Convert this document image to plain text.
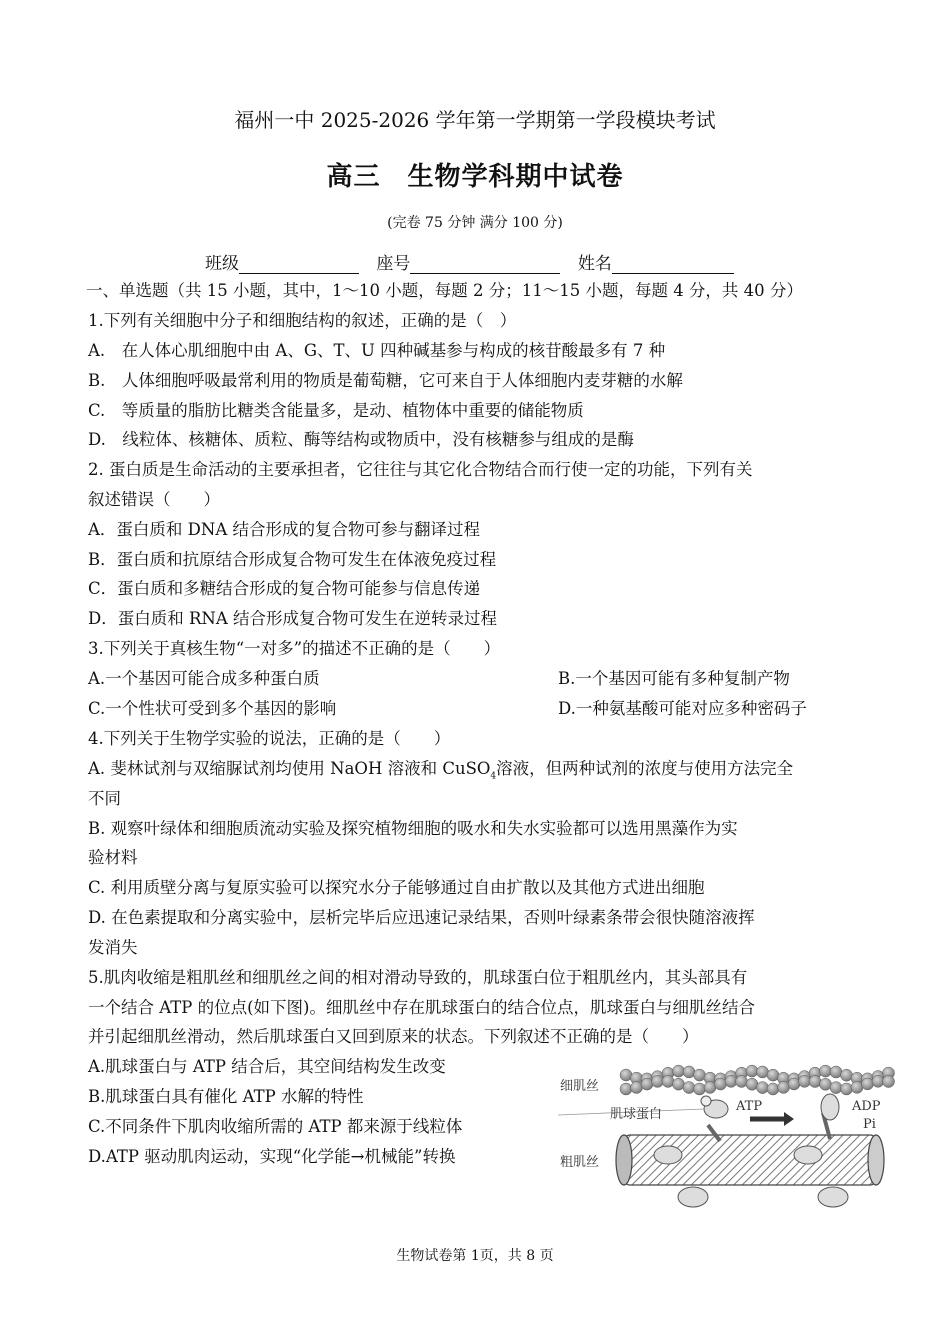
福州一中 2025-2026 学年第一学期第一学段模块考试
高三　生物学科期中试卷
(完卷 75 分钟 满分 100 分)
班级	座号	姓名
一、单选题（共 15 小题，其中，1～10 小题，每题 2 分；11～15 小题，每题 4 分，共 40 分）
1.下列有关细胞中分子和细胞结构的叙述，正确的是（　）
A.　在人体心肌细胞中由 A、G、T、U 四种碱基参与构成的核苷酸最多有 7 种
B.　人体细胞呼吸最常利用的物质是葡萄糖，它可来自于人体细胞内麦芽糖的水解
C.　等质量的脂肪比糖类含能量多，是动、植物体中重要的储能物质
D.　线粒体、核糖体、质粒、酶等结构或物质中，没有核糖参与组成的是酶
2. 蛋白质是生命活动的主要承担者，它往往与其它化合物结合而行使一定的功能，下列有关
叙述错误（　　）
A．蛋白质和 DNA 结合形成的复合物可参与翻译过程
B．蛋白质和抗原结合形成复合物可发生在体液免疫过程
C．蛋白质和多糖结合形成的复合物可能参与信息传递
D．蛋白质和 RNA 结合形成复合物可发生在逆转录过程
3.下列关于真核生物“一对多”的描述不正确的是（　　）
A.一个基因可能合成多种蛋白质	B.一个基因可能有多种复制产物
C.一个性状可受到多个基因的影响	D.一种氨基酸可能对应多种密码子
4.下列关于生物学实验的说法，正确的是（　　）
A. 斐林试剂与双缩脲试剂均使用 NaOH 溶液和 CuSO$_4$溶液，但两种试剂的浓度与使用方法完全
不同
B. 观察叶绿体和细胞质流动实验及探究植物细胞的吸水和失水实验都可以选用黑藻作为实
验材料
C. 利用质壁分离与复原实验可以探究水分子能够通过自由扩散以及其他方式进出细胞
D. 在色素提取和分离实验中，层析完毕后应迅速记录结果，否则叶绿素条带会很快随溶液挥
发消失
5.肌肉收缩是粗肌丝和细肌丝之间的相对滑动导致的，肌球蛋白位于粗肌丝内，其头部具有
一个结合 ATP 的位点(如下图)。细肌丝中存在肌球蛋白的结合位点，肌球蛋白与细肌丝结合
并引起细肌丝滑动，然后肌球蛋白又回到原来的状态。下列叙述不正确的是（　　）
A.肌球蛋白与 ATP 结合后，其空间结构发生改变
B.肌球蛋白具有催化 ATP 水解的特性
C.不同条件下肌肉收缩所需的 ATP 都来源于线粒体
D.ATP 驱动肌肉运动，实现“化学能→机械能”转换
细肌丝
肌球蛋白
粗肌丝
ATP	ADP
Pi
生物试卷第 1页，共 8 页
